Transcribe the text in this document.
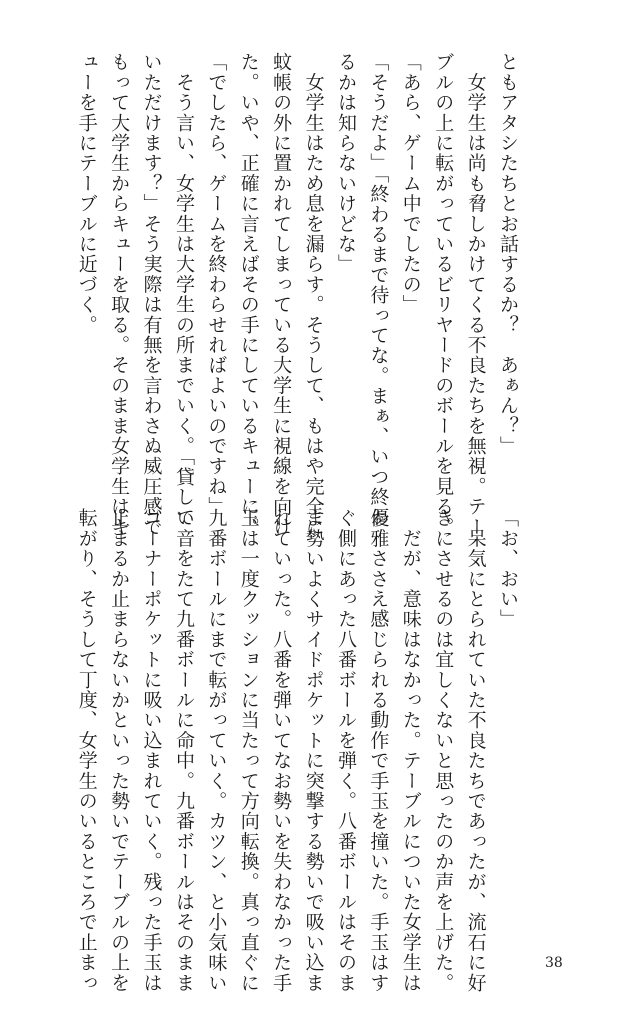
ともアタシたちとお話するか？　あぁん？」
　女学生は尚も脅しかけてくる不良たちを無視。テー
ブルの上に転がっているビリヤードのボールを見る。
「あら、ゲーム中でしたの」
「そうだよ」「終わるまで待ってな。まぁ、いつ終わ
るかは知らないけどな」
　女学生はため息を漏らす。そうして、もはや完全に
蚊帳の外に置かれてしまっている大学生に視線を向け
た。いや、正確に言えばその手にしているキューに。
「でしたら、ゲームを終わらせればよいのですね」
　そう言い、女学生は大学生の所までいく。「貸して
いただけます？」そう実際は有無を言わさぬ威圧感で
もって大学生からキューを取る。そのまま女学生はキ
ューを手にテーブルに近づく。
「お、おい」
　呆気にとられていた不良たちであったが、流石に好
きにさせるのは宜しくないと思ったのか声を上げた。
　だが、意味はなかった。テーブルについた女学生は
優雅ささえ感じられる動作で手玉を撞いた。手玉はす
ぐ側にあった八番ボールを弾く。八番ボールはそのま
ま勢いよくサイドポケットに突撃する勢いで吸い込ま
れていった。八番を弾いてなお勢いを失わなかった手
玉は一度クッションに当たって方向転換。真っ直ぐに
九番ボールにまで転がっていく。カツン、と小気味い
い音をたて九番ボールに命中。九番ボールはそのまま
コーナーポケットに吸い込まれていく。残った手玉は
止まるか止まらないかといった勢いでテーブルの上を
転がり、そうして丁度、女学生のいるところで止まっ	38
